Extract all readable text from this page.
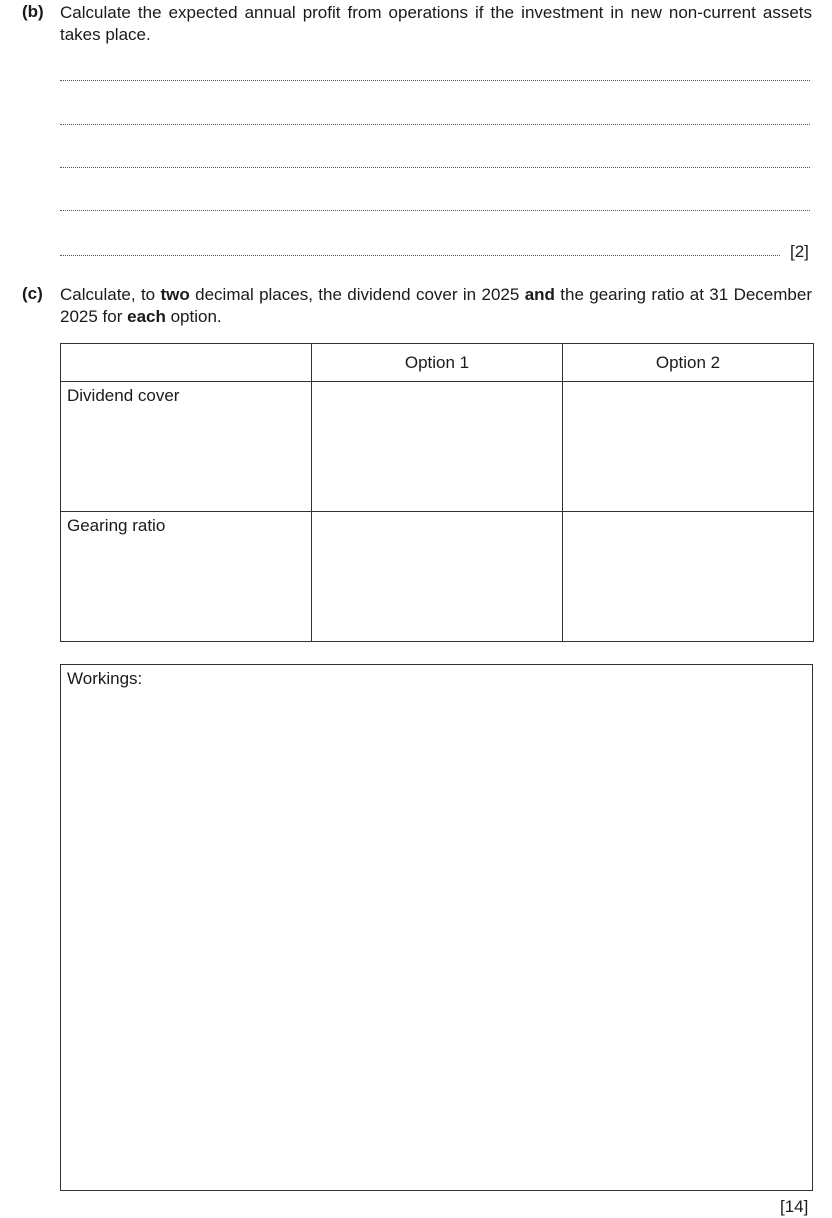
(b) Calculate the expected annual profit from operations if the investment in new non-current assets takes place.
[2]
(c) Calculate, to two decimal places, the dividend cover in 2025 and the gearing ratio at 31 December 2025 for each option.
	Option 1	Option 2
Dividend cover		
Gearing ratio		
Workings:
[14]
